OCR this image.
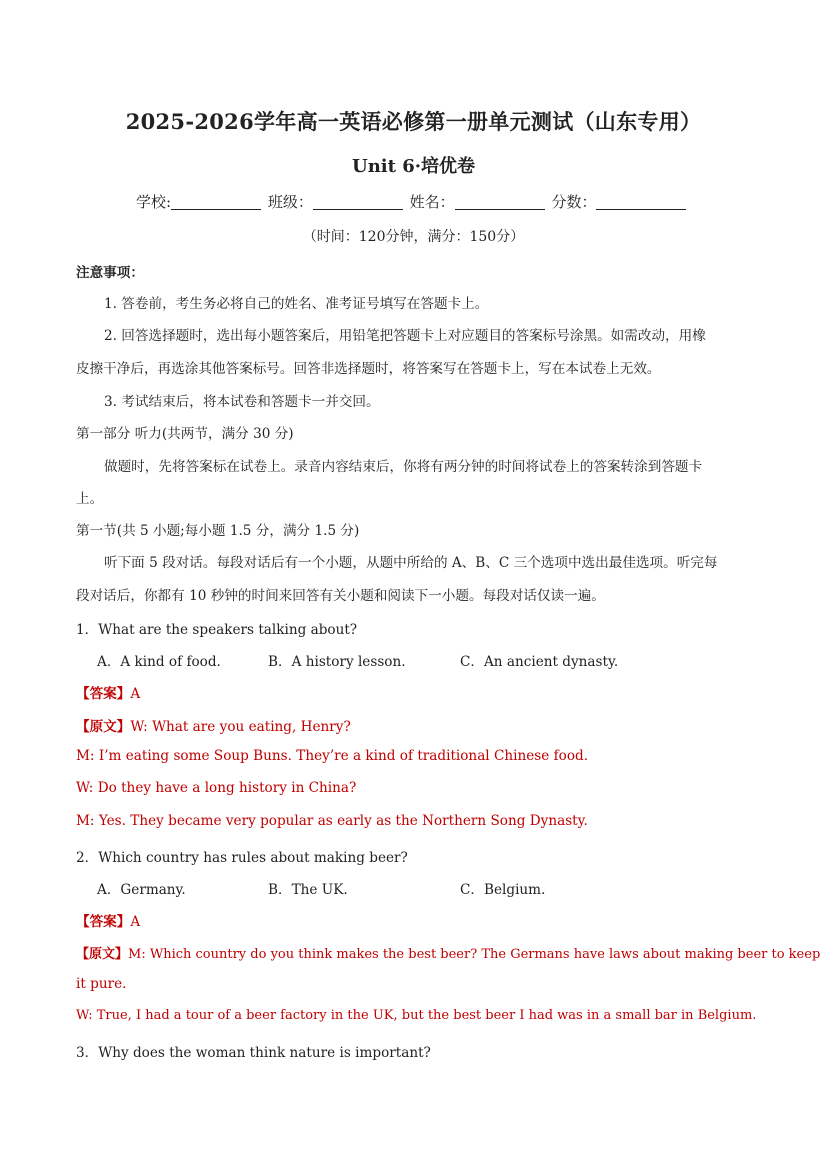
2025-2026学年高一英语必修第一册单元测试（山东专用）
Unit 6·培优卷
学校:	班级：	姓名：	分数：
（时间：120分钟，满分：150分）
注意事项：
1. 答卷前，考生务必将自己的姓名、准考证号填写在答题卡上。
2. 回答选择题时，选出每小题答案后，用铅笔把答题卡上对应题目的答案标号涂黑。如需改动，用橡
皮擦干净后，再选涂其他答案标号。回答非选择题时，将答案写在答题卡上，写在本试卷上无效。
3. 考试结束后，将本试卷和答题卡一并交回。
第一部分 听力(共两节，满分 30 分)
做题时，先将答案标在试卷上。录音内容结束后，你将有两分钟的时间将试卷上的答案转涂到答题卡
上。
第一节(共 5 小题;每小题 1.5 分，满分 1.5 分)
听下面 5 段对话。每段对话后有一个小题，从题中所给的 A、B、C 三个选项中选出最佳选项。听完每
段对话后，你都有 10 秒钟的时间来回答有关小题和阅读下一小题。每段对话仅读一遍。
1．What are the speakers talking about?
A．A kind of food.	B．A history lesson.	C．An ancient dynasty.
【答案】A
【原文】W: What are you eating, Henry?
M: I’m eating some Soup Buns. They’re a kind of traditional Chinese food.
W: Do they have a long history in China?
M: Yes. They became very popular as early as the Northern Song Dynasty.
2．Which country has rules about making beer?
A．Germany.	B．The UK.	C．Belgium.
【答案】A
【原文】M: Which country do you think makes the best beer? The Germans have laws about making beer to keep
it pure.
W: True, I had a tour of a beer factory in the UK, but the best beer I had was in a small bar in Belgium.
3．Why does the woman think nature is important?
